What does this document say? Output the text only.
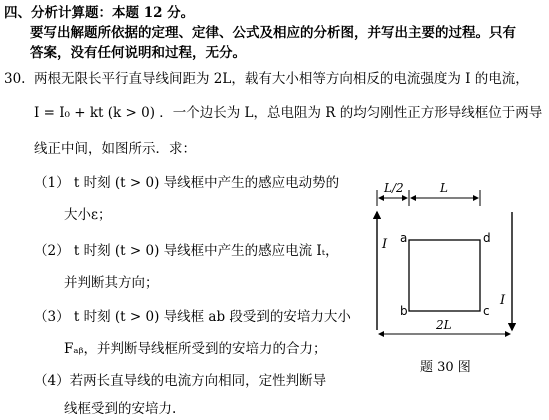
四、分析计算题：本题 12 分。
要写出解题所依据的定理、定律、公式及相应的分析图，并写出主要的过程。只有
答案，没有任何说明和过程，无分。
30. 两根无限长平行直导线间距为 2L，载有大小相等方向相反的电流强度为 I 的电流，
I = I₀ + kt (k > 0) ．一个边长为 L，总电阻为 R 的均匀刚性正方形导线框位于两导
线正中间，如图所示．求：
（1） t 时刻 (t > 0) 导线框中产生的感应电动势的
大小ε；
（2） t 时刻 (t > 0) 导线框中产生的感应电流 Iₜ，
并判断其方向；
（3） t 时刻 (t > 0) 导线框 ab 段受到的安培力大小
Fₐᵦ，并判断导线框所受到的安培力的合力；
（4）若两长直导线的电流方向相同，定性判断导
线框受到的安培力.
L/2	L
I
I
a
b	c
d
2L
题 30 图
